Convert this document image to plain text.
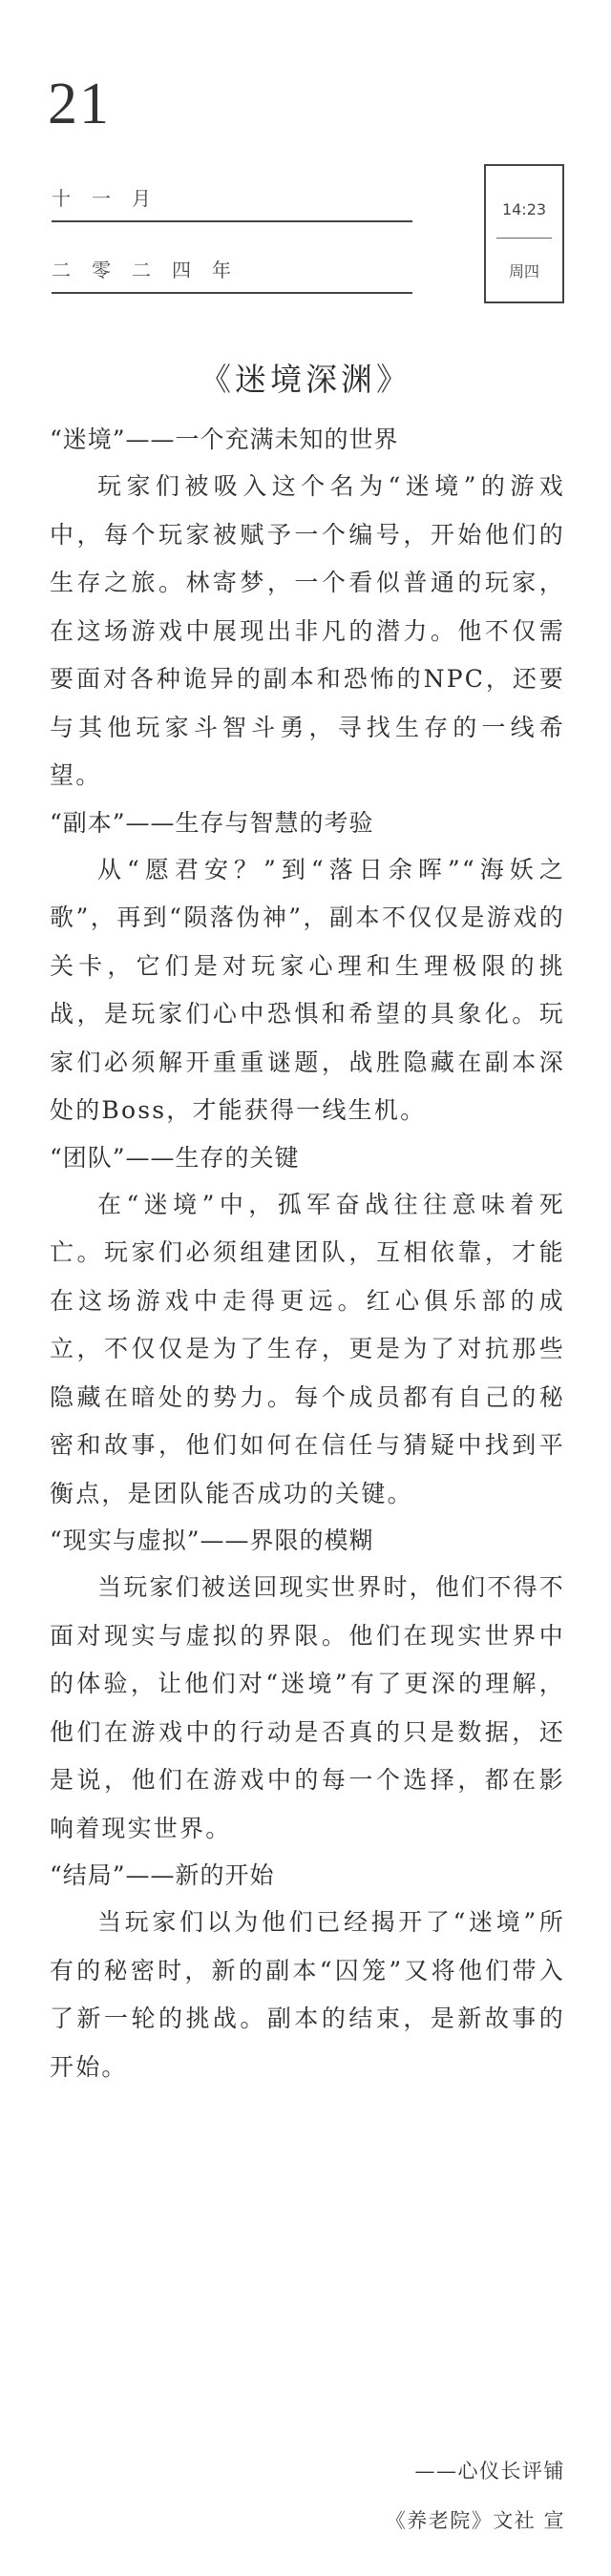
21
十一月
二零二四年
14:23
周四
《迷境深渊》
“迷境”——一个充满未知的世界

玩家们被吸入这个名为“迷境”的游戏中，每个玩家被赋予一个编号，开始他们的生存之旅。林寄梦，一个看似普通的玩家，在这场游戏中展现出非凡的潜力。他不仅需要面对各种诡异的副本和恐怖的NPC，还要与其他玩家斗智斗勇，寻找生存的一线希望。

“副本”——生存与智慧的考验

从“愿君安？”到“落日余晖”“海妖之歌”，再到“陨落伪神”，副本不仅仅是游戏的关卡，它们是对玩家心理和生理极限的挑战，是玩家们心中恐惧和希望的具象化。玩家们必须解开重重谜题，战胜隐藏在副本深处的Boss，才能获得一线生机。

“团队”——生存的关键

在“迷境”中，孤军奋战往往意味着死亡。玩家们必须组建团队，互相依靠，才能在这场游戏中走得更远。红心俱乐部的成立，不仅仅是为了生存，更是为了对抗那些隐藏在暗处的势力。每个成员都有自己的秘密和故事，他们如何在信任与猜疑中找到平衡点，是团队能否成功的关键。

“现实与虚拟”——界限的模糊

当玩家们被送回现实世界时，他们不得不面对现实与虚拟的界限。他们在现实世界中的体验，让他们对“迷境”有了更深的理解，他们在游戏中的行动是否真的只是数据，还是说，他们在游戏中的每一个选择，都在影响着现实世界。

“结局”——新的开始

当玩家们以为他们已经揭开了“迷境”所有的秘密时，新的副本“囚笼”又将他们带入了新一轮的挑战。副本的结束，是新故事的开始。

——心仪长评铺
《养老院》文社 宣
